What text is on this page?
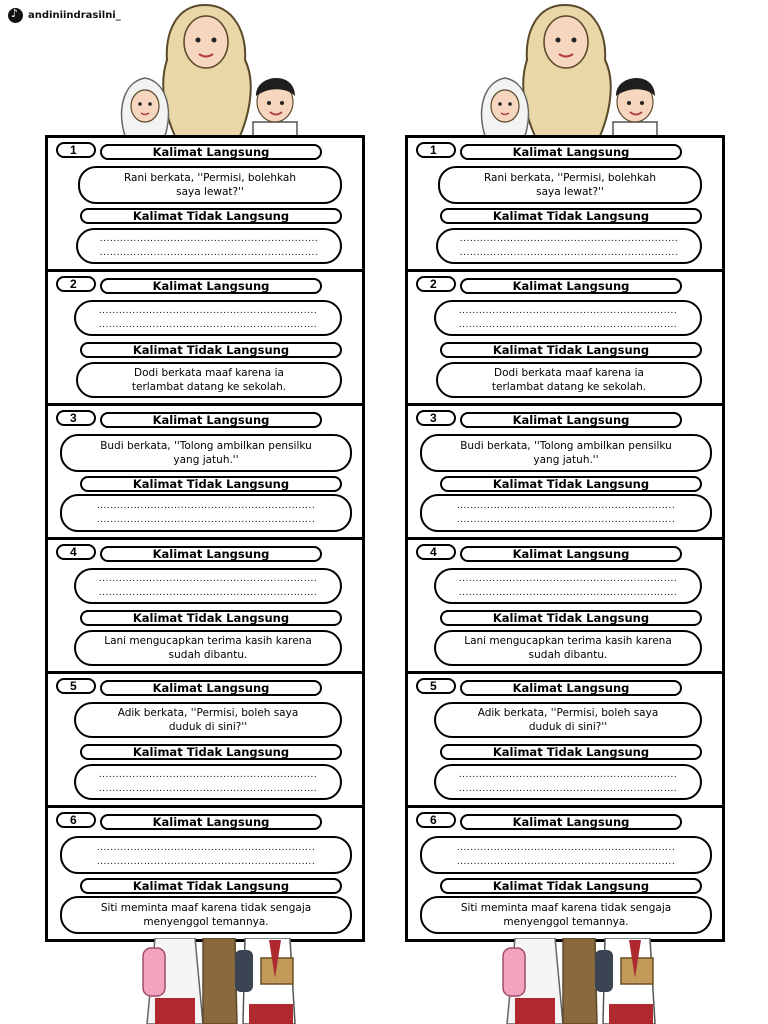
♪
andiniindrasilni_
1	Kalimat Langsung
Rani berkata, ''Permisi, bolehkah
saya lewat?''
Kalimat Tidak Langsung
.................................................................
.................................................................
2	Kalimat Langsung
.................................................................
.................................................................
Kalimat Tidak Langsung
Dodi berkata maaf karena ia
terlambat datang ke sekolah.
3	Kalimat Langsung
Budi berkata, ''Tolong ambilkan pensilku
yang jatuh.''
Kalimat Tidak Langsung
.................................................................
.................................................................
4	Kalimat Langsung
.................................................................
.................................................................
Kalimat Tidak Langsung
Lani mengucapkan terima kasih karena
sudah dibantu.
5	Kalimat Langsung
Adik berkata, ''Permisi, boleh saya
duduk di sini?''
Kalimat Tidak Langsung
.................................................................
.................................................................
6	Kalimat Langsung
.................................................................
.................................................................
Kalimat Tidak Langsung
Siti meminta maaf karena tidak sengaja
menyenggol temannya.
1	Kalimat Langsung
Rani berkata, ''Permisi, bolehkah
saya lewat?''
Kalimat Tidak Langsung
.................................................................
.................................................................
2	Kalimat Langsung
.................................................................
.................................................................
Kalimat Tidak Langsung
Dodi berkata maaf karena ia
terlambat datang ke sekolah.
3	Kalimat Langsung
Budi berkata, ''Tolong ambilkan pensilku
yang jatuh.''
Kalimat Tidak Langsung
.................................................................
.................................................................
4	Kalimat Langsung
.................................................................
.................................................................
Kalimat Tidak Langsung
Lani mengucapkan terima kasih karena
sudah dibantu.
5	Kalimat Langsung
Adik berkata, ''Permisi, boleh saya
duduk di sini?''
Kalimat Tidak Langsung
.................................................................
.................................................................
6	Kalimat Langsung
.................................................................
.................................................................
Kalimat Tidak Langsung
Siti meminta maaf karena tidak sengaja
menyenggol temannya.
